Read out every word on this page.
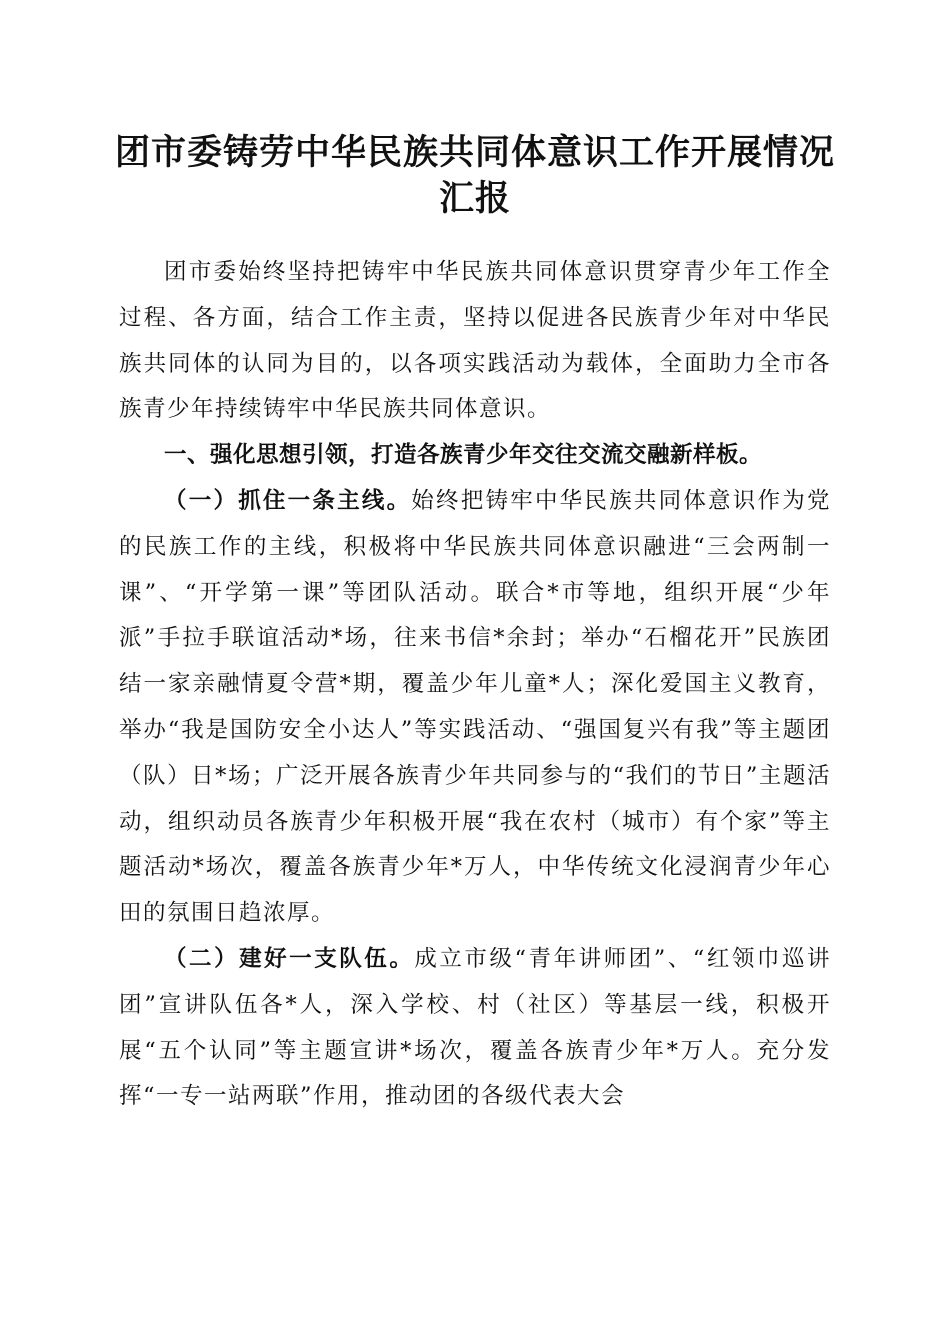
团市委铸劳中华民族共同体意识工作开展情况汇报

团市委始终坚持把铸牢中华民族共同体意识贯穿青少年工作全过程、各方面，结合工作主责，坚持以促进各民族青少年对中华民族共同体的认同为目的，以各项实践活动为载体，全面助力全市各族青少年持续铸牢中华民族共同体意识。

一、强化思想引领，打造各族青少年交往交流交融新样板。

（一）抓住一条主线。始终把铸牢中华民族共同体意识作为党的民族工作的主线，积极将中华民族共同体意识融进“三会两制一课”、“开学第一课”等团队活动。联合*市等地，组织开展“少年派”手拉手联谊活动*场，往来书信*余封；举办“石榴花开”民族团结一家亲融情夏令营*期，覆盖少年儿童*人；深化爱国主义教育，举办“我是国防安全小达人”等实践活动、“强国复兴有我”等主题团（队）日*场；广泛开展各族青少年共同参与的“我们的节日”主题活动，组织动员各族青少年积极开展“我在农村（城市）有个家”等主题活动*场次，覆盖各族青少年*万人，中华传统文化浸润青少年心田的氛围日趋浓厚。

（二）建好一支队伍。成立市级“青年讲师团”、“红领巾巡讲团”宣讲队伍各*人，深入学校、村（社区）等基层一线，积极开展“五个认同”等主题宣讲*场次，覆盖各族青少年*万人。充分发挥“一专一站两联”作用，推动团的各级代表大会
